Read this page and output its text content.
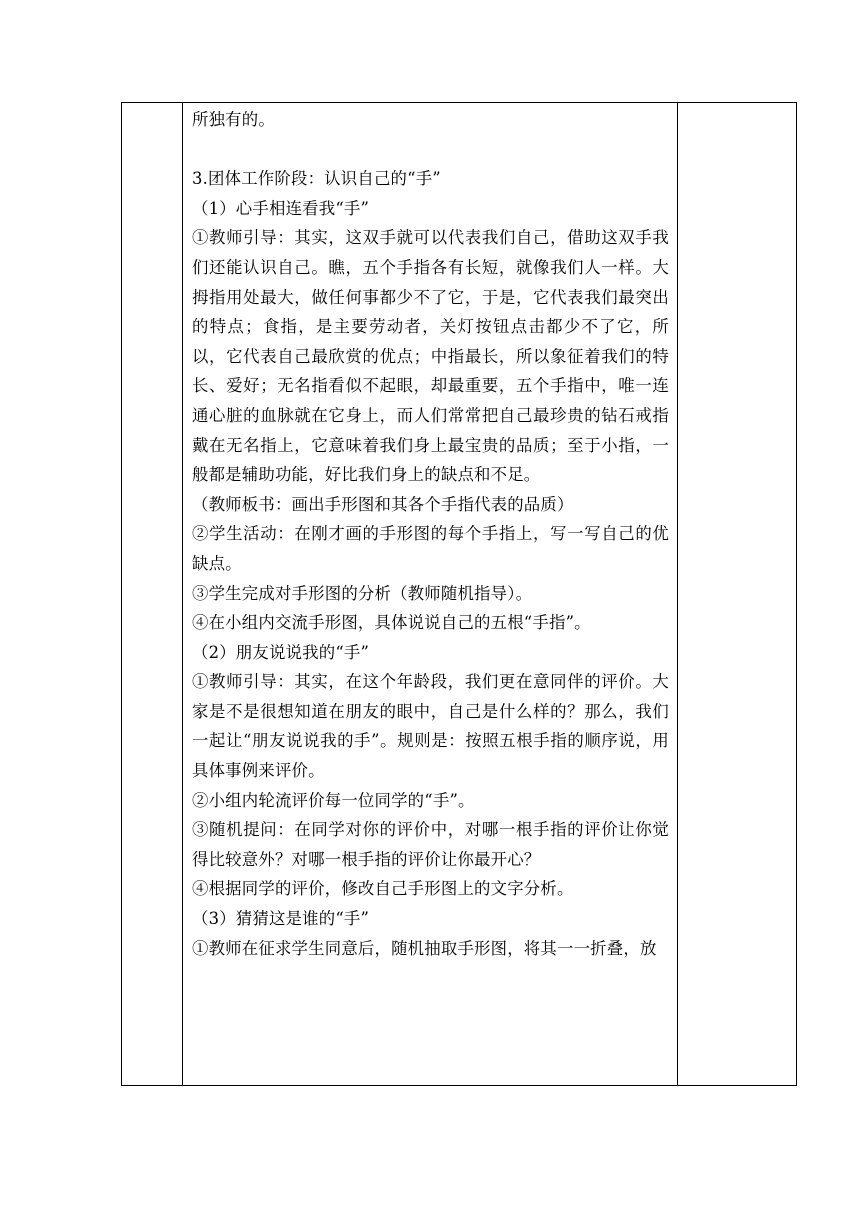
所独有的。

3.团体工作阶段：认识自己的“手”

（1）心手相连看我“手”

①教师引导：其实，这双手就可以代表我们自己，借助这双手我们还能认识自己。瞧，五个手指各有长短，就像我们人一样。大拇指用处最大，做任何事都少不了它，于是，它代表我们最突出的特点；食指，是主要劳动者，关灯按钮点击都少不了它，所以，它代表自己最欣赏的优点；中指最长，所以象征着我们的特长、爱好；无名指看似不起眼，却最重要，五个手指中，唯一连通心脏的血脉就在它身上，而人们常常把自己最珍贵的钻石戒指戴在无名指上，它意味着我们身上最宝贵的品质；至于小指，一般都是辅助功能，好比我们身上的缺点和不足。

（教师板书：画出手形图和其各个手指代表的品质）

②学生活动：在刚才画的手形图的每个手指上，写一写自己的优缺点。

③学生完成对手形图的分析（教师随机指导）。

④在小组内交流手形图，具体说说自己的五根“手指”。

（2）朋友说说我的“手”

①教师引导：其实，在这个年龄段，我们更在意同伴的评价。大家是不是很想知道在朋友的眼中，自己是什么样的？那么，我们一起让“朋友说说我的手”。规则是：按照五根手指的顺序说，用具体事例来评价。

②小组内轮流评价每一位同学的“手”。

③随机提问：在同学对你的评价中，对哪一根手指的评价让你觉得比较意外？对哪一根手指的评价让你最开心？

④根据同学的评价，修改自己手形图上的文字分析。

（3）猜猜这是谁的“手”

①教师在征求学生同意后，随机抽取手形图，将其一一折叠，放
